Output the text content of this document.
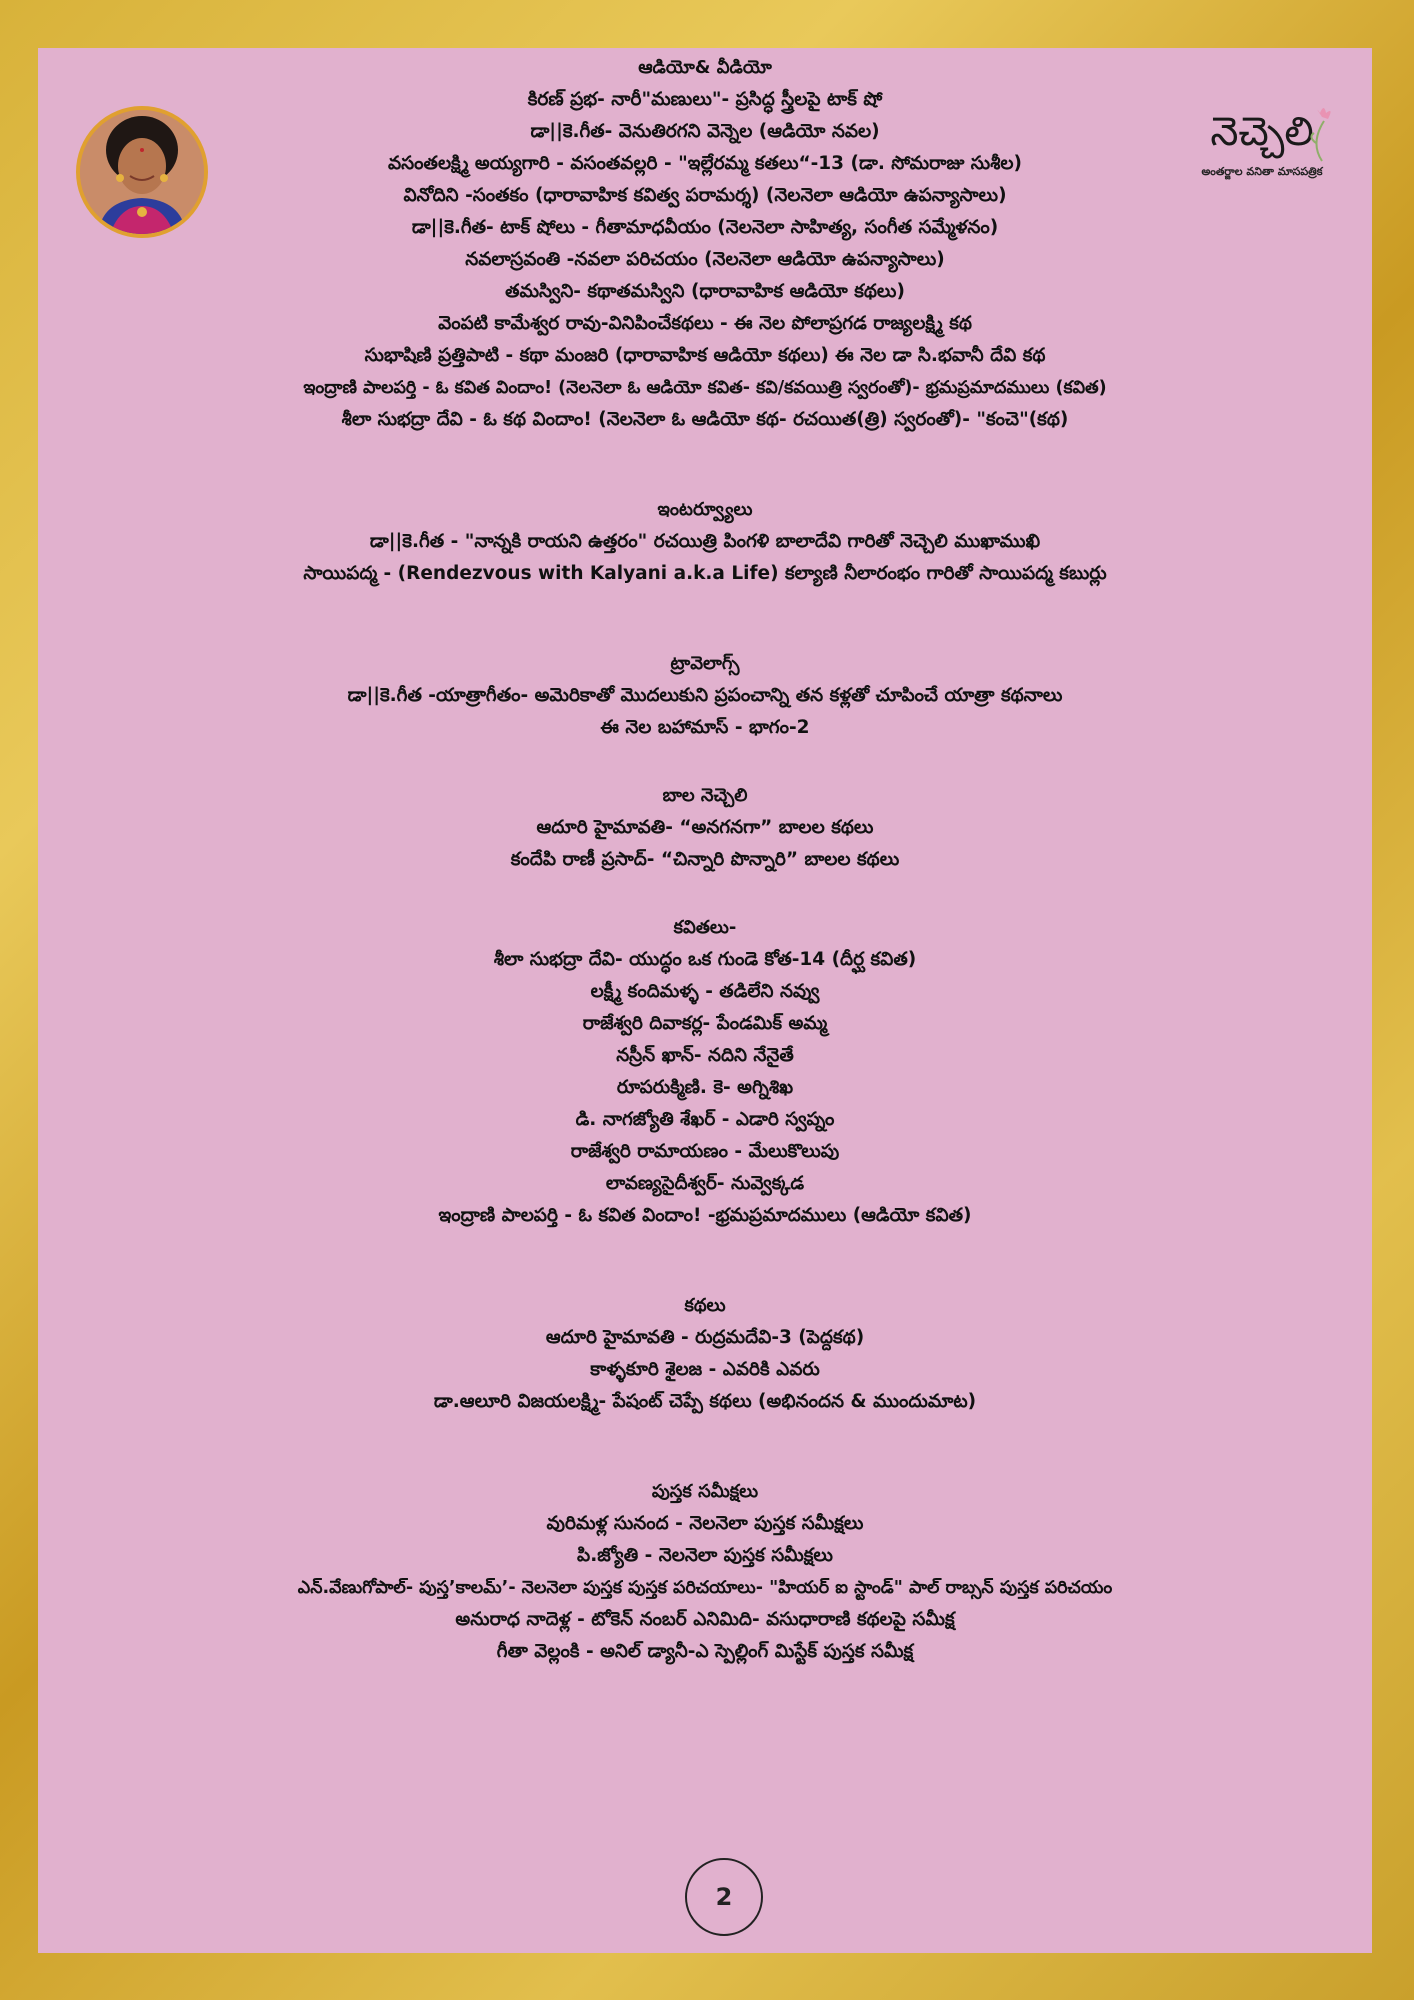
నెచ్చెలి
అంతర్జాల వనితా మాసపత్రిక
ఆడియో& వీడియో
కిరణ్ ప్రభ- నారీ"మణులు"- ప్రసిద్ధ స్త్రీలపై టాక్ షో
డా||కె.గీత- వెనుతిరగని వెన్నెల (ఆడియో నవల)
వసంతలక్ష్మి అయ్యగారి - వసంతవల్లరి - "ఇల్లేరమ్మ కతలు“-13 (డా. సోమరాజు సుశీల)
వినోదిని -సంతకం (ధారావాహిక కవిత్వ పరామర్శ) (నెలనెలా ఆడియో ఉపన్యాసాలు)
డా||కె.గీత- టాక్ షోలు - గీతామాధవీయం (నెలనెలా సాహిత్య, సంగీత సమ్మేళనం)
నవలాస్రవంతి -నవలా పరిచయం (నెలనెలా ఆడియో ఉపన్యాసాలు)
తమస్విని- కథాతమస్విని (ధారావాహిక ఆడియో కథలు)
వెంపటి కామేశ్వర రావు-వినిపించేకథలు - ఈ నెల పోలాప్రగడ రాజ్యలక్ష్మి కథ
సుభాషిణి ప్రత్తిపాటి - కథా మంజరి (ధారావాహిక ఆడియో కథలు) ఈ నెల డా సి.భవానీ దేవి కథ
ఇంద్రాణి పాలపర్తి - ఓ కవిత విందాం! (నెలనెలా ఓ ఆడియో కవిత- కవి/కవయిత్రి స్వరంతో)- భ్రమప్రమాదములు (కవిత)
శీలా సుభద్రా దేవి - ఓ కథ విందాం! (నెలనెలా ఓ ఆడియో కథ- రచయిత(త్రి) స్వరంతో)- "కంచె"(కథ)
ఇంటర్వ్యూలు
డా||కె.గీత - "నాన్నకి రాయని ఉత్తరం" రచయిత్రి పింగళి బాలాదేవి గారితో నెచ్చెలి ముఖాముఖి
సాయిపద్మ - (Rendezvous with Kalyani a.k.a Life) కల్యాణి నీలారంభం గారితో సాయిపద్మ కబుర్లు
ట్రావెలాగ్స్
డా||కె.గీత -యాత్రాగీతం- అమెరికాతో మొదలుకుని ప్రపంచాన్ని తన కళ్లతో చూపించే యాత్రా కథనాలు
ఈ నెల బహామాస్ - భాగం-2
బాల నెచ్చెలి
ఆదూరి హైమావతి- “అనగనగా” బాలల కథలు
కందేపి రాణీ ప్రసాద్- “చిన్నారి పొన్నారి” బాలల కథలు
కవితలు-
శీలా సుభద్రా దేవి- యుద్ధం ఒక గుండె కోత-14 (దీర్ఘ కవిత)
లక్ష్మీ కందిమళ్ళ - తడిలేని నవ్వు
రాజేశ్వరి దివాకర్ల- పేండమిక్ అమ్మ
నస్రీన్ ఖాన్- నదిని నేనైతే
రూపరుక్మిణి. కె- అగ్నిశిఖ
డి. నాగజ్యోతి శేఖర్ - ఎడారి స్వప్నం
రాజేశ్వరి రామాయణం - మేలుకొలుపు
లావణ్యసైదీశ్వర్- నువ్వెక్కడ
ఇంద్రాణి పాలపర్తి - ఓ కవిత విందాం! -భ్రమప్రమాదములు (ఆడియో కవిత)
కథలు
ఆదూరి హైమావతి - రుద్రమదేవి-3 (పెద్దకథ)
కాళ్ళకూరి శైలజ - ఎవరికి ఎవరు
డా.ఆలూరి విజయలక్ష్మి- పేషంట్ చెప్పే కథలు (అభినందన & ముందుమాట)
పుస్తక సమీక్షలు
వురిమళ్ల సునంద - నెలనెలా పుస్తక సమీక్షలు
పి.జ్యోతి - నెలనెలా పుస్తక సమీక్షలు
ఎన్.వేణుగోపాల్- పుస్త’కాలమ్’- నెలనెలా పుస్తక పుస్తక పరిచయాలు- "హియర్ ఐ స్టాండ్" పాల్ రాబ్సన్ పుస్తక పరిచయం
అనురాధ నాదెళ్ల - టోకెన్ నంబర్ ఎనిమిది- వసుధారాణి కథలపై సమీక్ష
గీతా వెల్లంకి - అనిల్ డ్యానీ-ఎ స్పెల్లింగ్ మిస్టేక్ పుస్తక సమీక్ష
2
